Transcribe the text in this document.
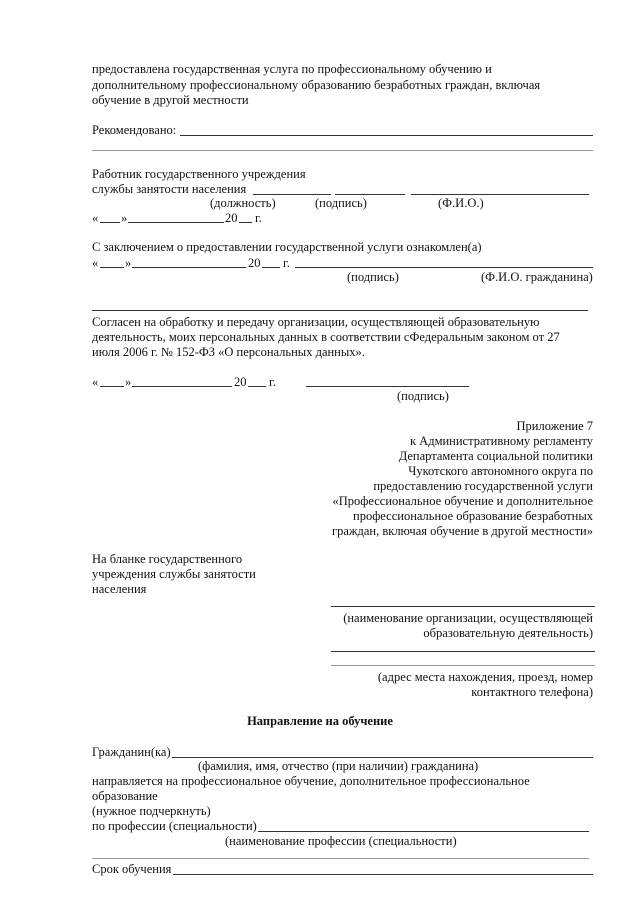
предоставлена государственная услуга по профессиональному обучению и
дополнительному профессиональному образованию безработных граждан, включая
обучение в другой местности
Рекомендовано:
Работник государственного учреждения
службы занятости населения
(должность)	(подпись)	(Ф.И.О.)
« »	20 г.
С заключением о предоставлении государственной услуги ознакомлен(а)
« »	20 г.
(подпись)	(Ф.И.О. гражданина)
Согласен на обработку и передачу организации, осуществляющей образовательную
деятельность, моих персональных данных в соответствии сФедеральным законом от 27
июля 2006 г. № 152-ФЗ «О персональных данных».
« »	20 г.
(подпись)
Приложение 7
к Административному регламенту
Департамента социальной политики
Чукотского автономного округа по
предоставлению государственной услуги
«Профессиональное обучение и дополнительное
профессиональное образование безработных
граждан, включая обучение в другой местности»
На бланке государственного
учреждения службы занятости
населения
(наименование организации, осуществляющей
образовательную деятельность)
(адрес места нахождения, проезд, номер
контактного телефона)
Направление на обучение
Гражданин(ка)
(фамилия, имя, отчество (при наличии) гражданина)
направляется на профессиональное обучение, дополнительное профессиональное
образование
(нужное подчеркнуть)
по профессии (специальности)
(наименование профессии (специальности)
Срок обучения
